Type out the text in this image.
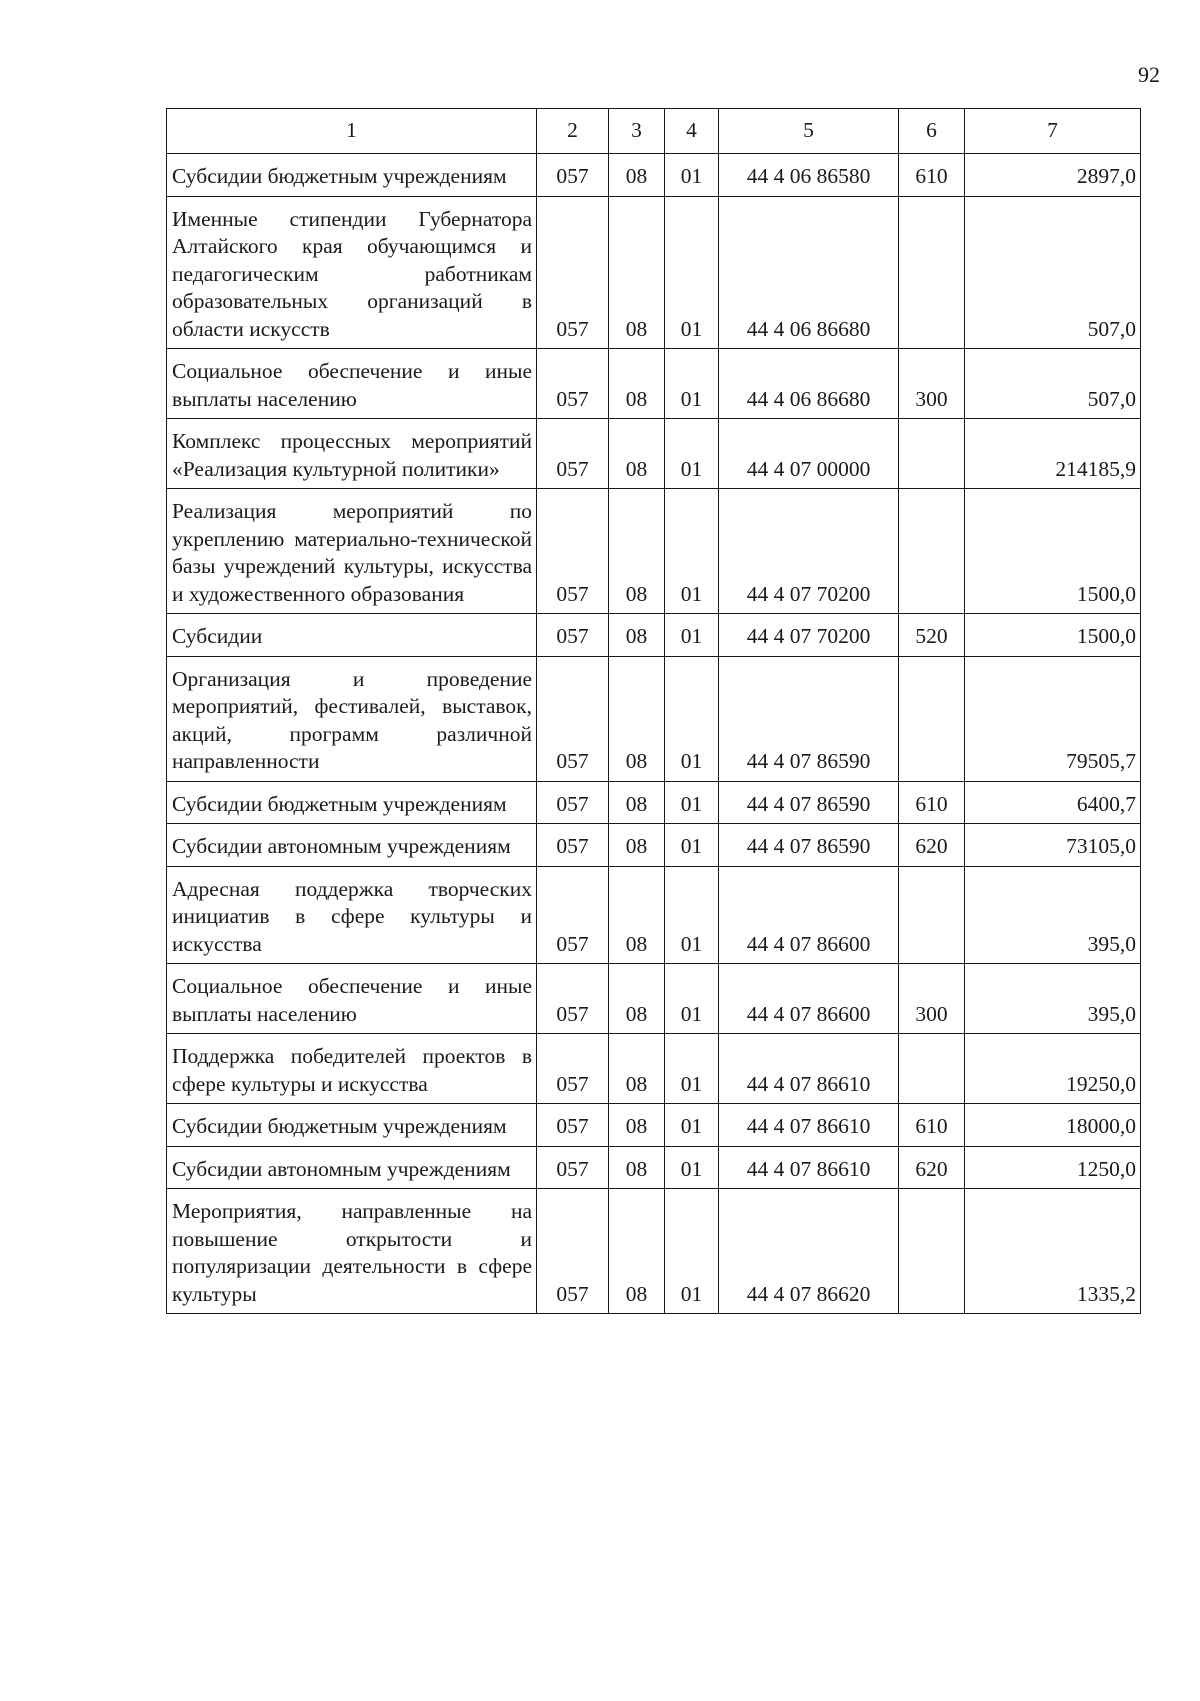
92
1	2	3	4	5	6	7
Субсидии бюджетным учреждениям	057	08	01	44 4 06 86580	610	2897,0
Именные стипендии Губернатора Алтайского края обучающимся и педагогическим работникам образовательных организаций в области искусств	057	08	01	44 4 06 86680		507,0
Социальное обеспечение и иные выплаты населению	057	08	01	44 4 06 86680	300	507,0
Комплекс процессных мероприятий «Реализация культурной политики»	057	08	01	44 4 07 00000		214185,9
Реализация мероприятий по укреплению материально-технической базы учреждений культуры, искусства и художественного образования	057	08	01	44 4 07 70200		1500,0
Субсидии	057	08	01	44 4 07 70200	520	1500,0
Организация и проведение мероприятий, фестивалей, выставок, акций, программ различной направленности	057	08	01	44 4 07 86590		79505,7
Субсидии бюджетным учреждениям	057	08	01	44 4 07 86590	610	6400,7
Субсидии автономным учреждениям	057	08	01	44 4 07 86590	620	73105,0
Адресная поддержка творческих инициатив в сфере культуры и искусства	057	08	01	44 4 07 86600		395,0
Социальное обеспечение и иные выплаты населению	057	08	01	44 4 07 86600	300	395,0
Поддержка победителей проектов в сфере культуры и искусства	057	08	01	44 4 07 86610		19250,0
Субсидии бюджетным учреждениям	057	08	01	44 4 07 86610	610	18000,0
Субсидии автономным учреждениям	057	08	01	44 4 07 86610	620	1250,0
Мероприятия, направленные на повышение открытости и популяризации деятельности в сфере культуры	057	08	01	44 4 07 86620		1335,2
